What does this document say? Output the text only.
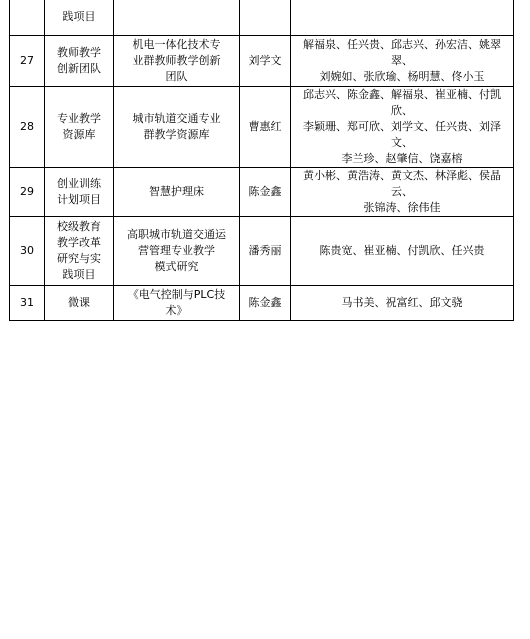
	践项目			
27	教师教学
创新团队	机电一体化技术专
业群教师教学创新
团队	刘学文	解福泉、任兴贵、邱志兴、孙宏洁、姚翠翠、
刘婉如、张欣瑜、杨明慧、佟小玉
28	专业教学
资源库	城市轨道交通专业
群教学资源库	曹惠红	邱志兴、陈金鑫、解福泉、崔亚楠、付凯欣、
李颖珊、郑可欣、刘学文、任兴贵、刘泽文、
李兰珍、赵肇信、饶嘉榕
29	创业训练
计划项目	智慧护理床	陈金鑫	黄小彬、黄浩涛、黄文杰、林泽彪、侯晶云、
张锦涛、徐伟佳
30	校级教育
教学改革
研究与实
践项目	高职城市轨道交通运
营管理专业教学
模式研究	潘秀丽	陈贵宽、崔亚楠、付凯欣、任兴贵
31	微课	《电气控制与PLC技
术》	陈金鑫	马书美、祝富红、邱文骁
